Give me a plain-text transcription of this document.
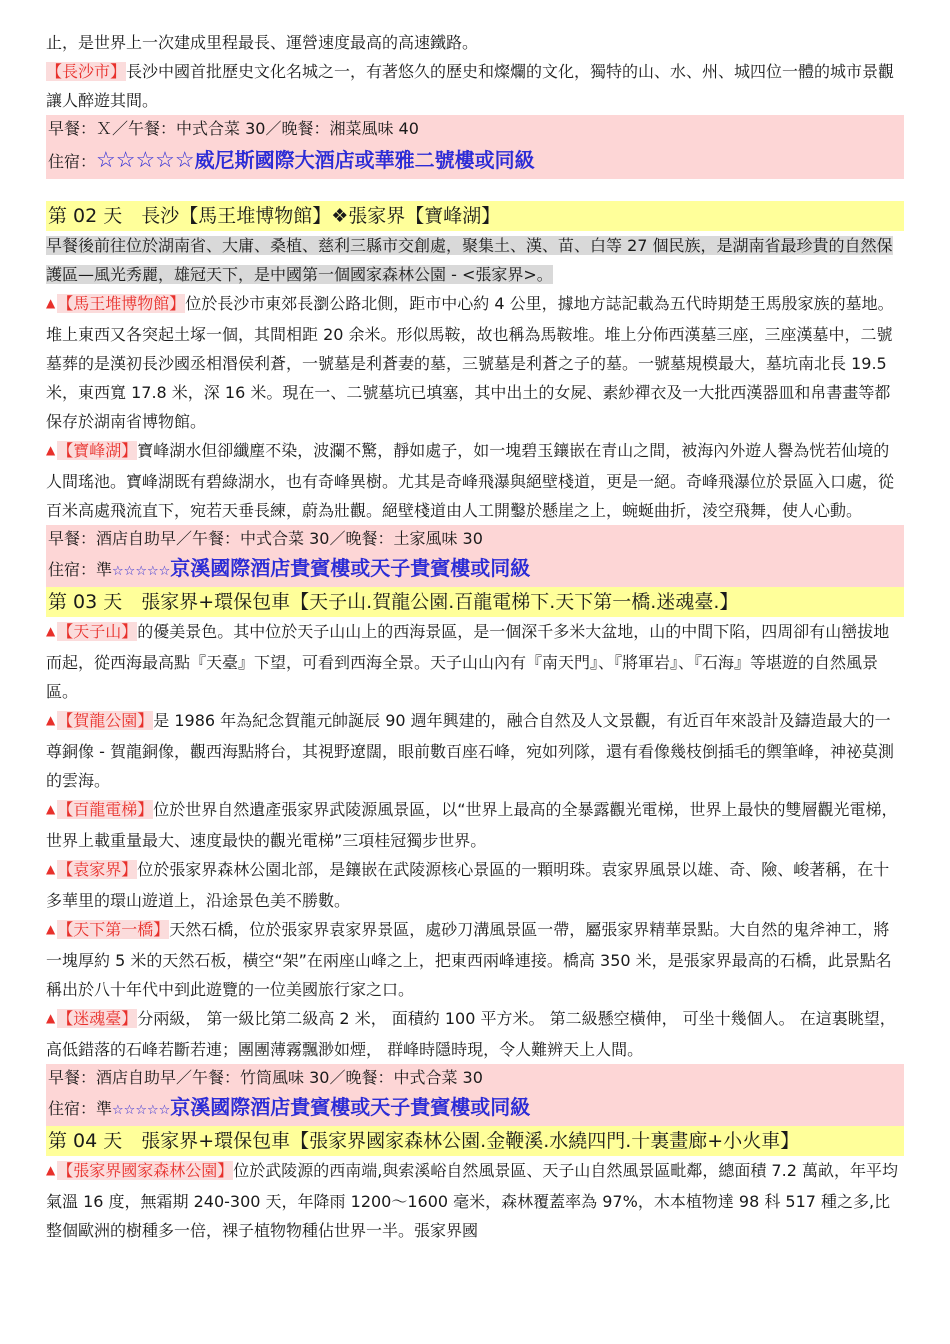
止，是世界上一次建成里程最長、運營速度最高的高速鐵路。

【長沙市】長沙中國首批歷史文化名城之一，有著悠久的歷史和燦爛的文化，獨特的山、水、州、城四位一體的城市景觀讓人醉遊其間。

早餐：Ｘ／午餐：中式合菜 30／晚餐：湘菜風味 40

住宿：☆☆☆☆☆威尼斯國際大酒店或華雅二號樓或同級

第 02 天　長沙【馬王堆博物館】❖張家界【寶峰湖】

早餐後前往位於湖南省、大庸、桑植、慈利三縣市交創處，聚集土、漢、苗、白等 27 個民族，是湖南省最珍貴的自然保護區—風光秀麗，雄冠天下，是中國第一個國家森林公園 - <張家界>。

▲ 【馬王堆博物館】位於長沙市東郊長瀏公路北側，距市中心約 4 公里，據地方誌記載為五代時期楚王馬殷家族的墓地。堆上東西又各突起土塚一個，其間相距 20 余米。形似馬鞍，故也稱為馬鞍堆。堆上分佈西漢墓三座，三座漢墓中，二號墓葬的是漢初長沙國丞相湣侯利蒼，一號墓是利蒼妻的墓，三號墓是利蒼之子的墓。一號墓規模最大，墓坑南北長 19.5 米，東西寬 17.8 米，深 16 米。現在一、二號墓坑已填塞，其中出土的女屍、素紗禪衣及一大批西漢器皿和帛書畫等都保存於湖南省博物館。

▲ 【寶峰湖】寶峰湖水但卻纖塵不染，波瀾不驚，靜如處子，如一塊碧玉鑲嵌在青山之間，被海內外遊人譽為恍若仙境的人間瑤池。寶峰湖既有碧綠湖水，也有奇峰異樹。尤其是奇峰飛瀑與絕壁棧道，更是一絕。奇峰飛瀑位於景區入口處，從百米高處飛流直下，宛若天垂長練，蔚為壯觀。絕壁棧道由人工開鑿於懸崖之上，蜿蜒曲折，淩空飛舞，使人心動。

早餐：酒店自助早／午餐：中式合菜 30／晚餐：土家風味 30

住宿：準☆☆☆☆☆京溪國際酒店貴賓樓或天子貴賓樓或同級

第 03 天　張家界+環保包車【天子山.賀龍公園.百龍電梯下.天下第一橋.迷魂臺.】

▲ 【天子山】的優美景色。其中位於天子山山上的西海景區，是一個深千多米大盆地，山的中間下陷，四周卻有山巒拔地而起，從西海最高點『天臺』下望，可看到西海全景。天子山山內有『南天門』、『將軍岩』、『石海』等堪遊的自然風景區。

▲ 【賀龍公園】是 1986 年為紀念賀龍元帥誕辰 90 週年興建的，融合自然及人文景觀，有近百年來設計及鑄造最大的一尊銅像 - 賀龍銅像，觀西海點將台，其視野遼闊，眼前數百座石峰，宛如列隊，還有看像幾枝倒插毛的禦筆峰，神祕莫測的雲海。

▲ 【百龍電梯】位於世界自然遺產張家界武陵源風景區，以“世界上最高的全暴露觀光電梯，世界上最快的雙層觀光電梯，世界上載重量最大、速度最快的觀光電梯”三項桂冠獨步世界。

▲ 【袁家界】位於張家界森林公園北部，是鑲嵌在武陵源核心景區的一顆明珠。袁家界風景以雄、奇、險、峻著稱，在十多華里的環山遊道上，沿途景色美不勝數。

▲ 【天下第一橋】天然石橋，位於張家界袁家界景區，處砂刀溝風景區一帶，屬張家界精華景點。大自然的鬼斧神工，將一塊厚約 5 米的天然石板，橫空“架”在兩座山峰之上，把東西兩峰連接。橋高 350 米，是張家界最高的石橋，此景點名稱出於八十年代中到此遊覽的一位美國旅行家之口。

▲ 【迷魂臺】分兩級， 第一級比第二級高 2 米， 面積約 100 平方米。 第二級懸空橫伸， 可坐十幾個人。 在這裏眺望， 高低錯落的石峰若斷若連；團團薄霧飄渺如煙， 群峰時隱時現，令人難辨天上人間。

早餐：酒店自助早／午餐：竹筒風味 30／晚餐：中式合菜 30

住宿：準☆☆☆☆☆京溪國際酒店貴賓樓或天子貴賓樓或同級

第 04 天　張家界+環保包車【張家界國家森林公園.金鞭溪.水繞四門.十裏畫廊+小火車】

▲ 【張家界國家森林公園】位於武陵源的西南端,與索溪峪自然風景區、天子山自然風景區毗鄰，總面積 7.2 萬畝，年平均氣溫 16 度，無霜期 240-300 天，年降雨 1200～1600 毫米，森林覆蓋率為 97%，木本植物達 98 科 517 種之多,比整個歐洲的樹種多一倍，裸子植物物種佔世界一半。張家界國
